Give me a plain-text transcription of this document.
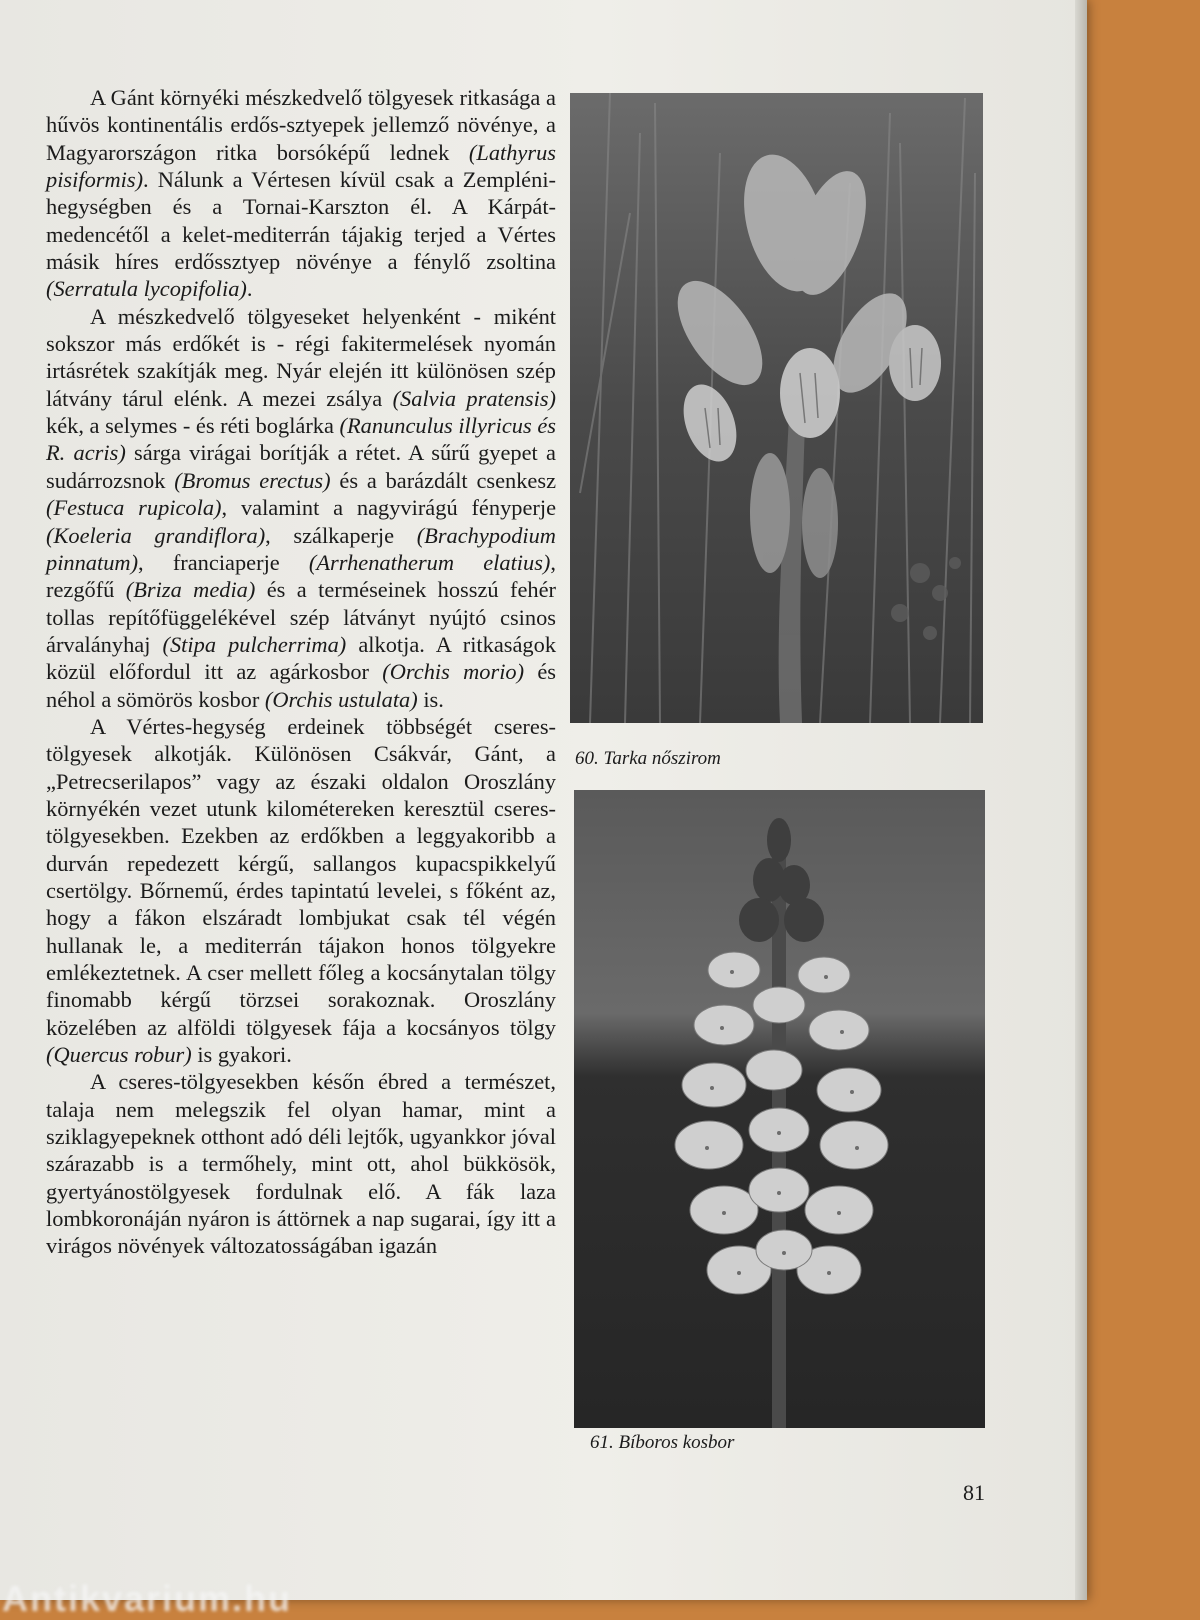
A Gánt környéki mészkedvelő tölgyesek ritkasága a hűvös kontinentális erdős-sztyepek jellemző növénye, a Magyarországon ritka borsóképű lednek (Lathyrus pisiformis). Nálunk a Vértesen kívül csak a Zempléni-hegységben és a Tornai-Karszton él. A Kárpát-medencétől a kelet-mediterrán tájakig terjed a Vértes másik híres erdőssztyep növénye a fénylő zsoltina (Serratula lycopifolia).

A mészkedvelő tölgyeseket helyenként - miként sokszor más erdőkét is - régi fakitermelések nyomán irtásrétek szakítják meg. Nyár elején itt különösen szép látvány tárul elénk. A mezei zsálya (Salvia pratensis) kék, a selymes - és réti boglárka (Ranunculus illyricus és R. acris) sárga virágai borítják a rétet. A sűrű gyepet a sudárrozsnok (Bromus erectus) és a barázdált csenkesz (Festuca rupicola), valamint a nagyvirágú fényperje (Koeleria grandiflora), szálkaperje (Brachypodium pinnatum), franciaperje (Arrhenatherum elatius), rezgőfű (Briza media) és a terméseinek hosszú fehér tollas repítőfüggelékével szép látványt nyújtó csinos árvalányhaj (Stipa pulcherrima) alkotja. A ritkaságok közül előfordul itt az agárkosbor (Orchis morio) és néhol a sömörös kosbor (Orchis ustulata) is.

A Vértes-hegység erdeinek többségét cseres-tölgyesek alkotják. Különösen Csákvár, Gánt, a „Petrecserilapos” vagy az északi oldalon Oroszlány környékén vezet utunk kilométereken keresztül cseres-tölgyesekben. Ezekben az erdőkben a leggyakoribb a durván repedezett kérgű, sallangos kupacspikkelyű csertölgy. Bőrnemű, érdes tapintatú levelei, s főként az, hogy a fákon elszáradt lombjukat csak tél végén hullanak le, a mediterrán tájakon honos tölgyekre emlékeztetnek. A cser mellett főleg a kocsánytalan tölgy finomabb kérgű törzsei sorakoznak. Oroszlány közelében az alföldi tölgyesek fája a kocsányos tölgy (Quercus robur) is gyakori.

A cseres-tölgyesekben későn ébred a természet, talaja nem melegszik fel olyan hamar, mint a sziklagyepeknek otthont adó déli lejtők, ugyankkor jóval szárazabb is a termőhely, mint ott, ahol bükkösök, gyertyánostölgyesek fordulnak elő. A fák laza lombkoronáján nyáron is áttörnek a nap sugarai, így itt a virágos növények változatosságában igazán

60. Tarka nőszirom
61. Bíboros kosbor
81
Antikvarium.hu
